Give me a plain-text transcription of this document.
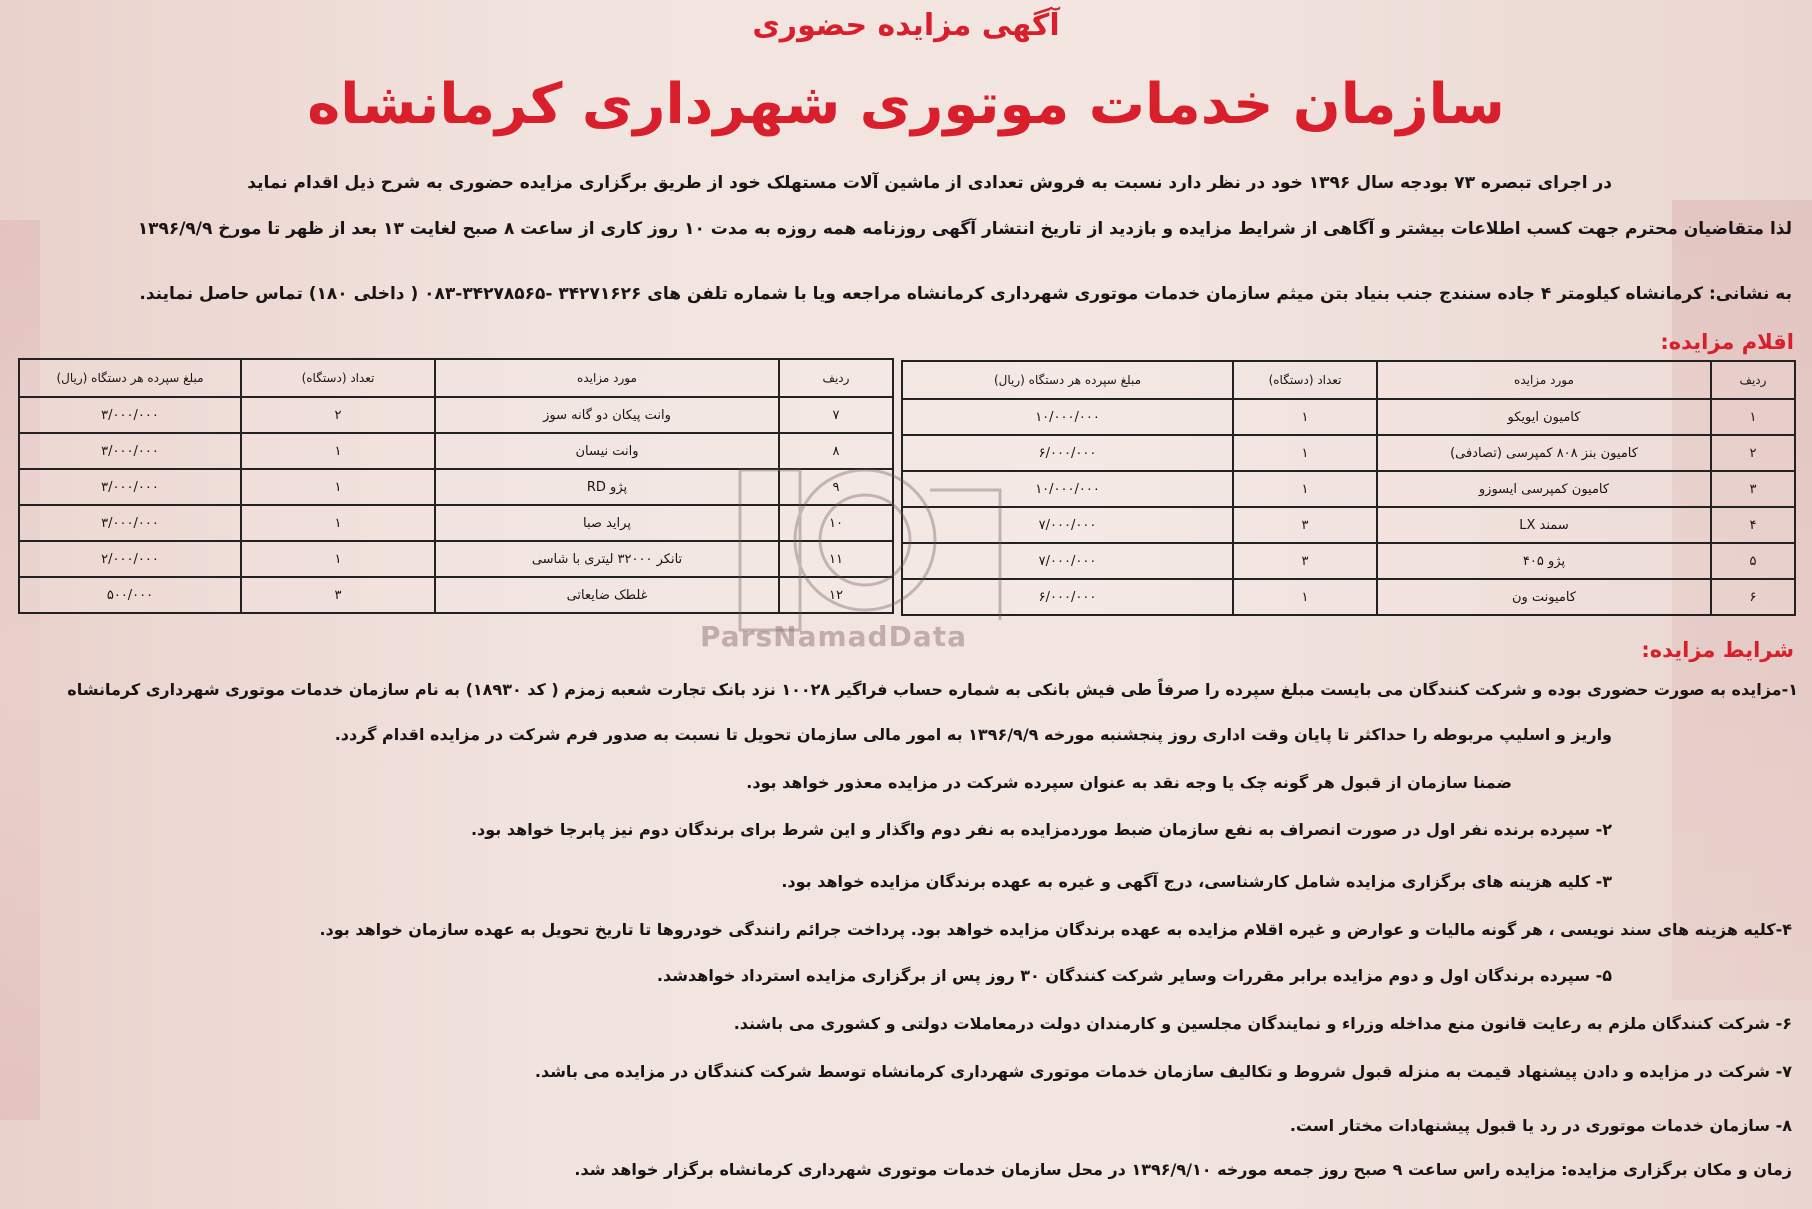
آگهی مزایده حضوری
سازمان خدمات موتوری شهرداری کرمانشاه
در اجرای تبصره ۷۳ بودجه سال ۱۳۹۶ خود در نظر دارد نسبت به فروش تعدادی از ماشین آلات مستهلک خود از طریق برگزاری مزایده حضوری به شرح ذیل اقدام نماید
لذا متقاضیان محترم جهت کسب اطلاعات بیشتر و آگاهی از شرایط مزایده و بازدید از تاریخ انتشار آگهی روزنامه همه روزه به مدت ۱۰ روز کاری از ساعت ۸ صبح لغایت ۱۳ بعد از ظهر تا مورخ ۱۳۹۶/۹/۹
به نشانی: کرمانشاه کیلومتر ۴ جاده سنندج جنب بنیاد بتن میثم سازمان خدمات موتوری شهرداری کرمانشاه مراجعه ویا با شماره تلفن های ۳۴۲۷۱۶۲۶ -۳۴۲۷۸۵۶۵-۰۸۳ ( داخلی ۱۸۰) تماس حاصل نمایند.
اقلام مزایده:
ردیف	مورد مزایده	تعداد (دستگاه)	مبلغ سپرده هر دستگاه (ریال)
۱	کامیون ایویکو	۱	۱۰/۰۰۰/۰۰۰
۲	کامیون بنز ۸۰۸ کمپرسی (تصادفی)	۱	۶/۰۰۰/۰۰۰
۳	کامیون کمپرسی ایسوزو	۱	۱۰/۰۰۰/۰۰۰
۴	سمند LX	۳	۷/۰۰۰/۰۰۰
۵	پژو ۴۰۵	۳	۷/۰۰۰/۰۰۰
۶	کامیونت ون	۱	۶/۰۰۰/۰۰۰
ردیف	مورد مزایده	تعداد (دستگاه)	مبلغ سپرده هر دستگاه (ریال)
۷	وانت پیکان دو گانه سوز	۲	۳/۰۰۰/۰۰۰
۸	وانت نیسان	۱	۳/۰۰۰/۰۰۰
۹	پژو RD	۱	۳/۰۰۰/۰۰۰
۱۰	پراید صبا	۱	۳/۰۰۰/۰۰۰
۱۱	تانکر ۳۲۰۰۰ لیتری با شاسی	۱	۲/۰۰۰/۰۰۰
۱۲	غلطک ضایعاتی	۳	۵۰۰/۰۰۰
ParsNamadData	شرایط مزایده:
۱-مزایده به صورت حضوری بوده و شرکت کنندگان می بایست مبلغ سپرده را صرفاً طی فیش بانکی به شماره حساب فراگیر ۱۰۰۲۸ نزد بانک تجارت شعبه زمزم ( کد ۱۸۹۳۰) به نام سازمان خدمات موتوری شهرداری کرمانشاه
واریز و اسلیپ مربوطه را حداکثر تا پایان وقت اداری روز پنجشنبه مورخه ۱۳۹۶/۹/۹ به امور مالی سازمان تحویل تا نسبت به صدور فرم شرکت در مزایده اقدام گردد.
ضمنا سازمان از قبول هر گونه چک یا وجه نقد به عنوان سپرده شرکت در مزایده معذور خواهد بود.
۲- سپرده برنده نفر اول در صورت انصراف به نفع سازمان ضبط موردمزایده به نفر دوم واگذار و این شرط برای برندگان دوم نیز پابرجا خواهد بود.
۳- کلیه هزینه های برگزاری مزایده شامل کارشناسی، درج آگهی و غیره به عهده برندگان مزایده خواهد بود.
۴-کلیه هزینه های سند نویسی ، هر گونه مالیات و عوارض و غیره اقلام مزایده به عهده برندگان مزایده خواهد بود. پرداخت جرائم رانندگی خودروها تا تاریخ تحویل به عهده سازمان خواهد بود.
۵- سپرده برندگان اول و دوم مزایده برابر مقررات وسایر شرکت کنندگان ۳۰ روز پس از برگزاری مزایده استرداد خواهدشد.
۶- شرکت کنندگان ملزم به رعایت قانون منع مداخله وزراء و نمایندگان مجلسین و کارمندان دولت درمعاملات دولتی و کشوری می باشند.
۷- شرکت در مزایده و دادن پیشنهاد قیمت به منزله قبول شروط و تکالیف سازمان خدمات موتوری شهرداری کرمانشاه توسط شرکت کنندگان در مزایده می باشد.
۸- سازمان خدمات موتوری در رد یا قبول پیشنهادات مختار است.
زمان و مکان برگزاری مزایده: مزایده راس ساعت ۹ صبح روز جمعه مورخه ۱۳۹۶/۹/۱۰ در محل سازمان خدمات موتوری شهرداری کرمانشاه برگزار خواهد شد.
